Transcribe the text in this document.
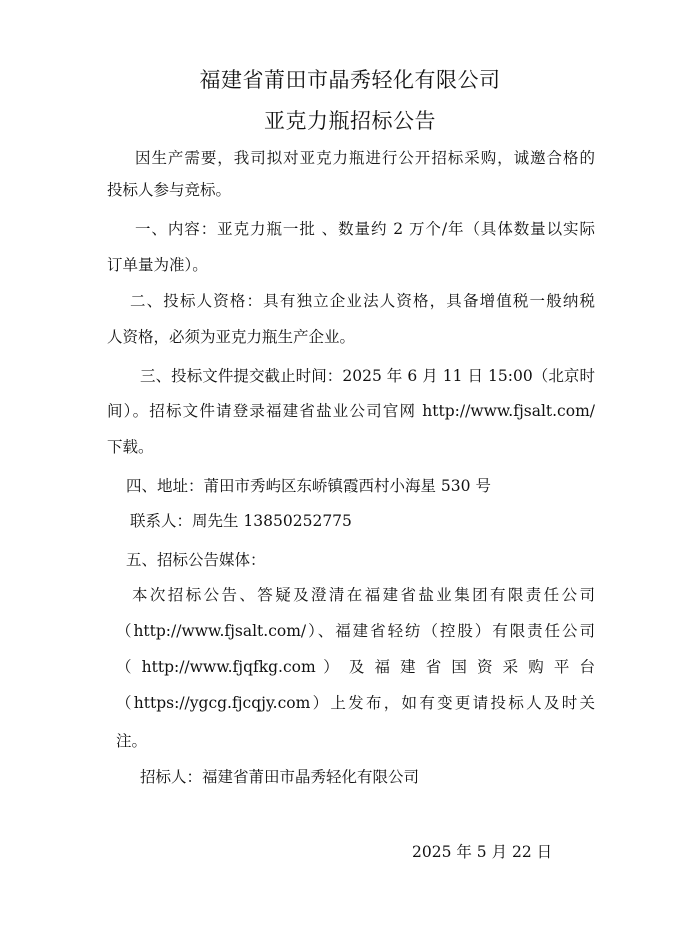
福建省莆田市晶秀轻化有限公司
亚克力瓶招标公告
因生产需要，我司拟对亚克力瓶进行公开招标采购，诚邀合格的
投标人参与竞标。
一、内容：亚克力瓶一批 、数量约 2 万个/年（具体数量以实际
订单量为准）。
二、投标人资格：具有独立企业法人资格，具备增值税一般纳税
人资格，必须为亚克力瓶生产企业。
三、投标文件提交截止时间：2025 年 6 月 11 日 15:00（北京时
间）。招标文件请登录福建省盐业公司官网 http://www.fjsalt.com/
下载。
四、地址：莆田市秀屿区东峤镇霞西村小海星 530 号
联系人：周先生 13850252775
五、招标公告媒体：
本次招标公告、答疑及澄清在福建省盐业集团有限责任公司
（http://www.fjsalt.com/）、福建省轻纺（控股）有限责任公司
（ http://www.fjqfkg.com ） 及 福 建 省 国 资 采 购 平 台
（https://ygcg.fjcqjy.com）上发布，如有变更请投标人及时关
注。
招标人：福建省莆田市晶秀轻化有限公司
2025 年 5 月 22 日
